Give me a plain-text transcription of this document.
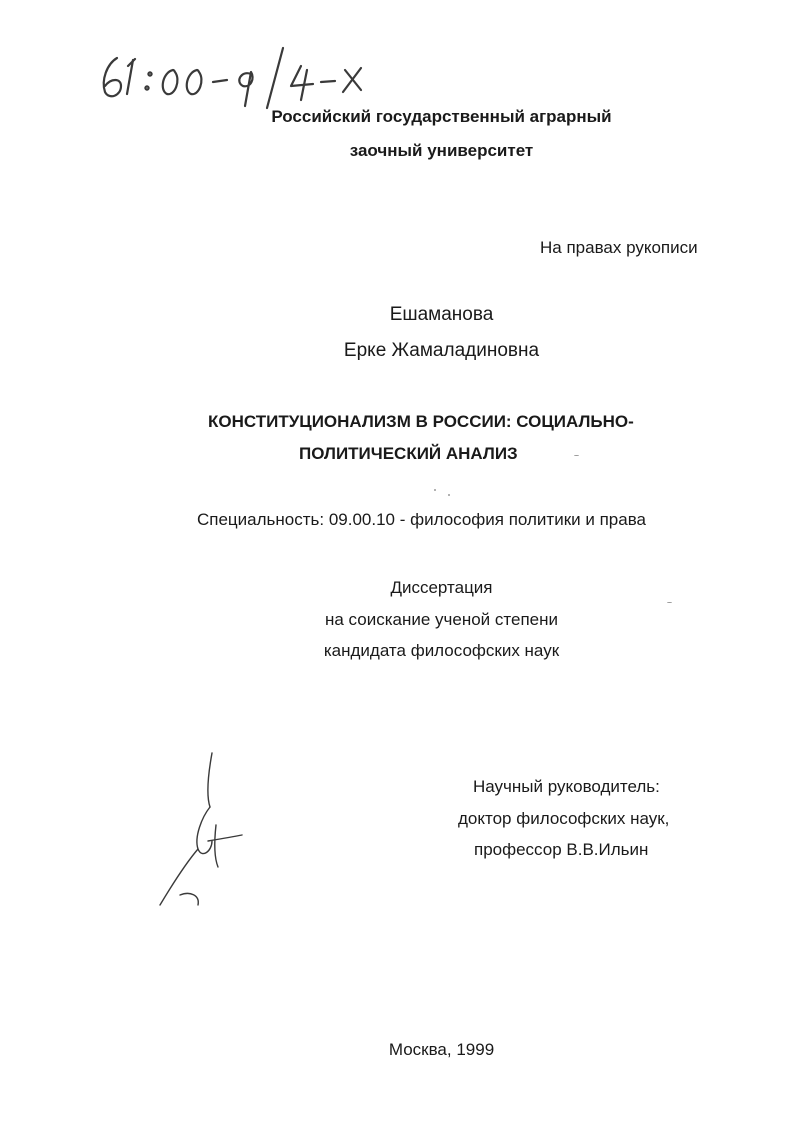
61:00-9/4-X
Российский государственный аграрный
заочный университет
На правах рукописи
Ешаманова
Ерке Жамаладиновна
КОНСТИТУЦИОНАЛИЗМ В РОССИИ: СОЦИАЛЬНО-
ПОЛИТИЧЕСКИЙ АНАЛИЗ
Специальность: 09.00.10 - философия политики и права
Диссертация
на соискание ученой степени
кандидата философских наук
Научный руководитель:
доктор философских наук,
профессор В.В.Ильин
Москва, 1999
